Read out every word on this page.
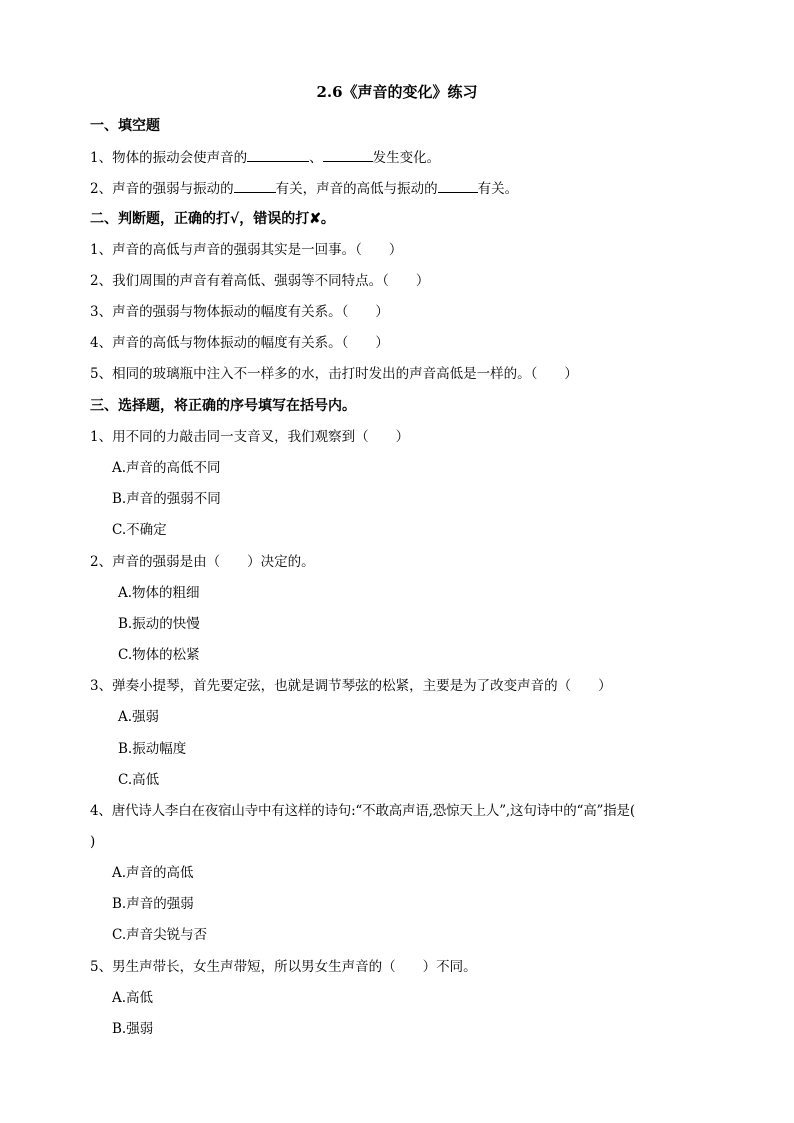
2.6《声音的变化》练习
一、填空题
1、物体的振动会使声音的	、	发生变化。
2、声音的强弱与振动的	有关，声音的高低与振动的	有关。
二、判断题，正确的打√，错误的打✘。
1、声音的高低与声音的强弱其实是一回事。（　　）
2、我们周围的声音有着高低、强弱等不同特点。（　　）
3、声音的强弱与物体振动的幅度有关系。（　　）
4、声音的高低与物体振动的幅度有关系。（　　）
5、相同的玻璃瓶中注入不一样多的水，击打时发出的声音高低是一样的。（　　）
三、选择题，将正确的序号填写在括号内。
1、用不同的力敲击同一支音叉，我们观察到（　　）
A.声音的高低不同
B.声音的强弱不同
C.不确定
2、声音的强弱是由（　　）决定的。
A.物体的粗细
B.振动的快慢
C.物体的松紧
3、弹奏小提琴，首先要定弦，也就是调节琴弦的松紧，主要是为了改变声音的（　　）
A.强弱
B.振动幅度
C.高低
4、唐代诗人李白在夜宿山寺中有这样的诗句:“不敢高声语,恐惊天上人”,这句诗中的“高”指是(
)
A.声音的高低
B.声音的强弱
C.声音尖锐与否
5、男生声带长，女生声带短，所以男女生声音的（　　）不同。
A.高低
B.强弱
